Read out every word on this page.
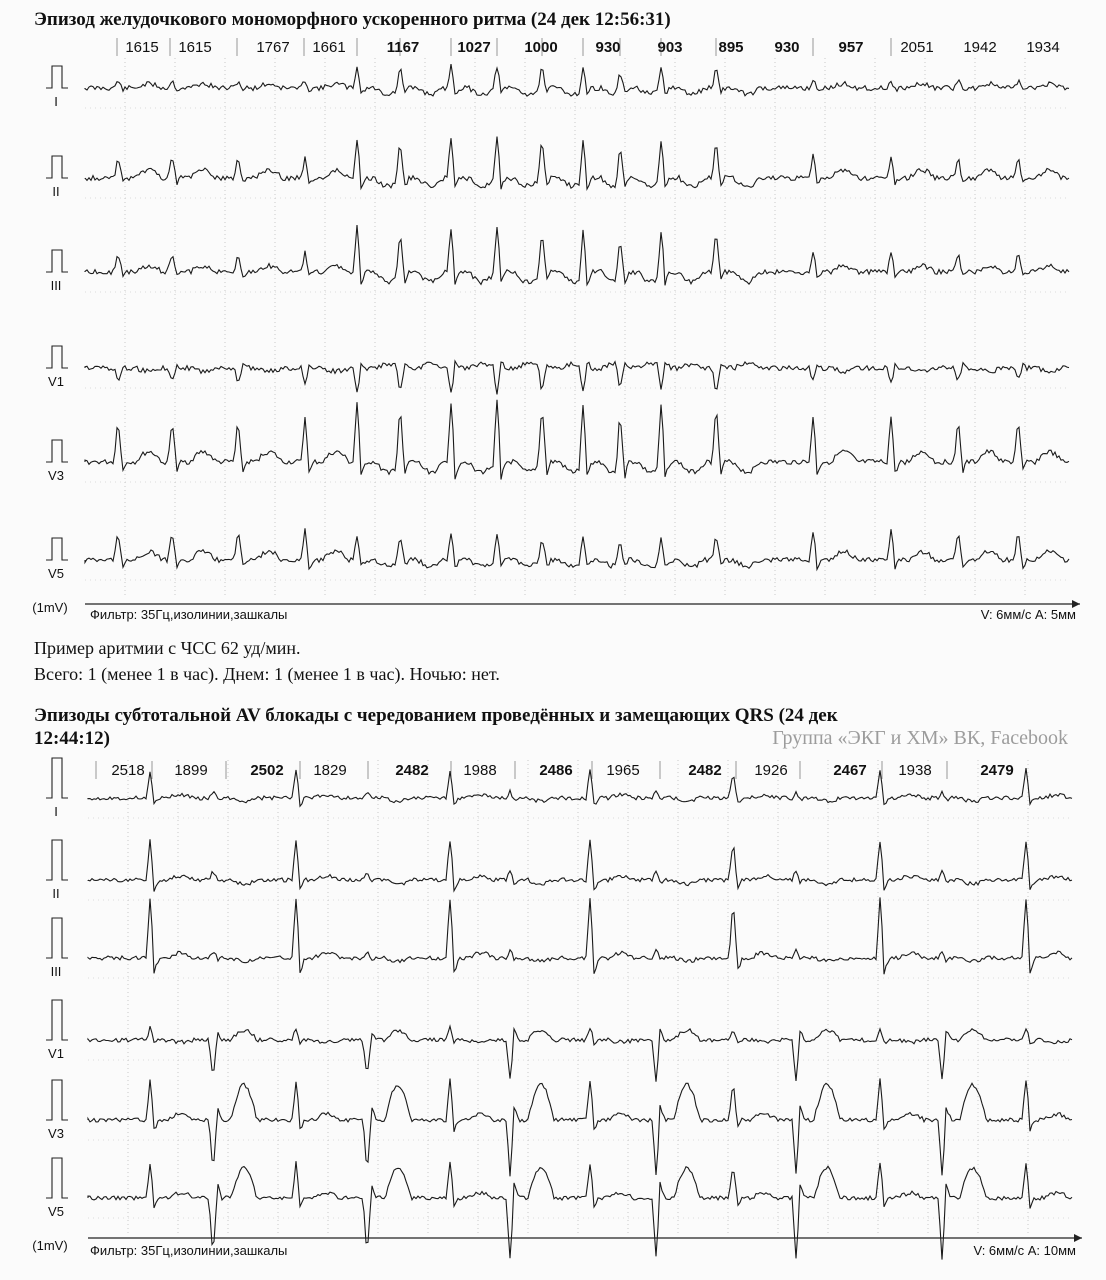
Эпизод желудочкового мономорфного ускоренного ритма (24 дек 12:56:31)
1615 1615	1767 1661	1167	1027 1000	930 903 895 930	957 2051 1942 1934
I
II
III
V1
V3
V5
(1mV) Фильтр: 35Гц,изолинии,зашкалы	V: 6мм/с A: 5мм
Пример аритмии с ЧСС 62 уд/мин.
Всего: 1 (менее 1 в час). Днем: 1 (менее 1 в час). Ночью: нет.
Эпизоды субтотальной AV блокады с чередованием проведённых и замещающих QRS (24 дек
12:44:12)	Группа «ЭКГ и ХМ» ВК, Facebook
2518 1899	2502 1829	2482 1988	2486 1965	2482 1926	2467 1938	2479
I
II
III
V1
V3
V5
(1mV) Фильтр: 35Гц,изолинии,зашкалы	V: 6мм/с A: 10мм
